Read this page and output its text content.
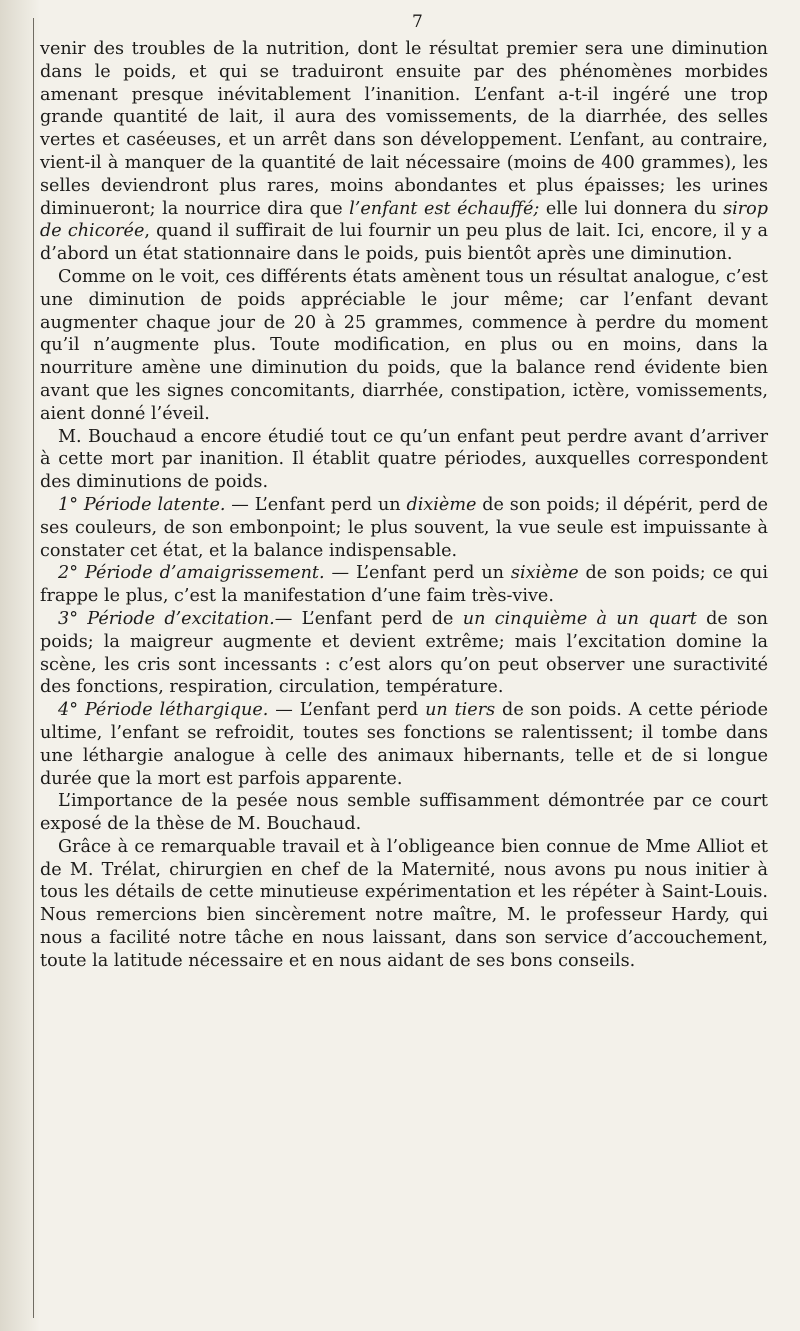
7

venir des troubles de la nutrition, dont le résultat premier sera une diminution dans le poids, et qui se traduiront ensuite par des phénomènes morbides amenant presque inévitablement l’inanition. L’enfant a-t-il ingéré une trop grande quantité de lait, il aura des vomissements, de la diarrhée, des selles vertes et caséeuses, et un arrêt dans son développement. L’enfant, au contraire, vient-il à manquer de la quantité de lait nécessaire (moins de 400 grammes), les selles deviendront plus rares, moins abondantes et plus épaisses; les urines diminueront; la nourrice dira que l’enfant est échauffé; elle lui donnera du sirop de chicorée, quand il suffirait de lui fournir un peu plus de lait. Ici, encore, il y a d’abord un état stationnaire dans le poids, puis bientôt après une diminution.

Comme on le voit, ces différents états amènent tous un résultat analogue, c’est une diminution de poids appréciable le jour même; car l’enfant devant augmenter chaque jour de 20 à 25 grammes, commence à perdre du moment qu’il n’augmente plus. Toute modification, en plus ou en moins, dans la nourriture amène une diminution du poids, que la balance rend évidente bien avant que les signes concomitants, diarrhée, constipation, ictère, vomissements, aient donné l’éveil.

M. Bouchaud a encore étudié tout ce qu’un enfant peut perdre avant d’arriver à cette mort par inanition. Il établit quatre périodes, auxquelles correspondent des diminutions de poids.

1° Période latente. — L’enfant perd un dixième de son poids; il dépérit, perd de ses couleurs, de son embonpoint; le plus souvent, la vue seule est impuissante à constater cet état, et la balance indispensable.

2° Période d’amaigrissement. — L’enfant perd un sixième de son poids; ce qui frappe le plus, c’est la manifestation d’une faim très-vive.

3° Période d’excitation.— L’enfant perd de un cinquième à un quart de son poids; la maigreur augmente et devient extrême; mais l’excitation domine la scène, les cris sont incessants : c’est alors qu’on peut observer une suractivité des fonctions, respiration, circulation, température.

4° Période léthargique. — L’enfant perd un tiers de son poids. A cette période ultime, l’enfant se refroidit, toutes ses fonctions se ralentissent; il tombe dans une léthargie analogue à celle des animaux hibernants, telle et de si longue durée que la mort est parfois apparente.

L’importance de la pesée nous semble suffisamment démontrée par ce court exposé de la thèse de M. Bouchaud.

Grâce à ce remarquable travail et à l’obligeance bien connue de Mme Alliot et de M. Trélat, chirurgien en chef de la Maternité, nous avons pu nous initier à tous les détails de cette minutieuse expérimentation et les répéter à Saint-Louis. Nous remercions bien sincèrement notre maître, M. le professeur Hardy, qui nous a facilité notre tâche en nous laissant, dans son service d’accouchement, toute la latitude nécessaire et en nous aidant de ses bons conseils.
